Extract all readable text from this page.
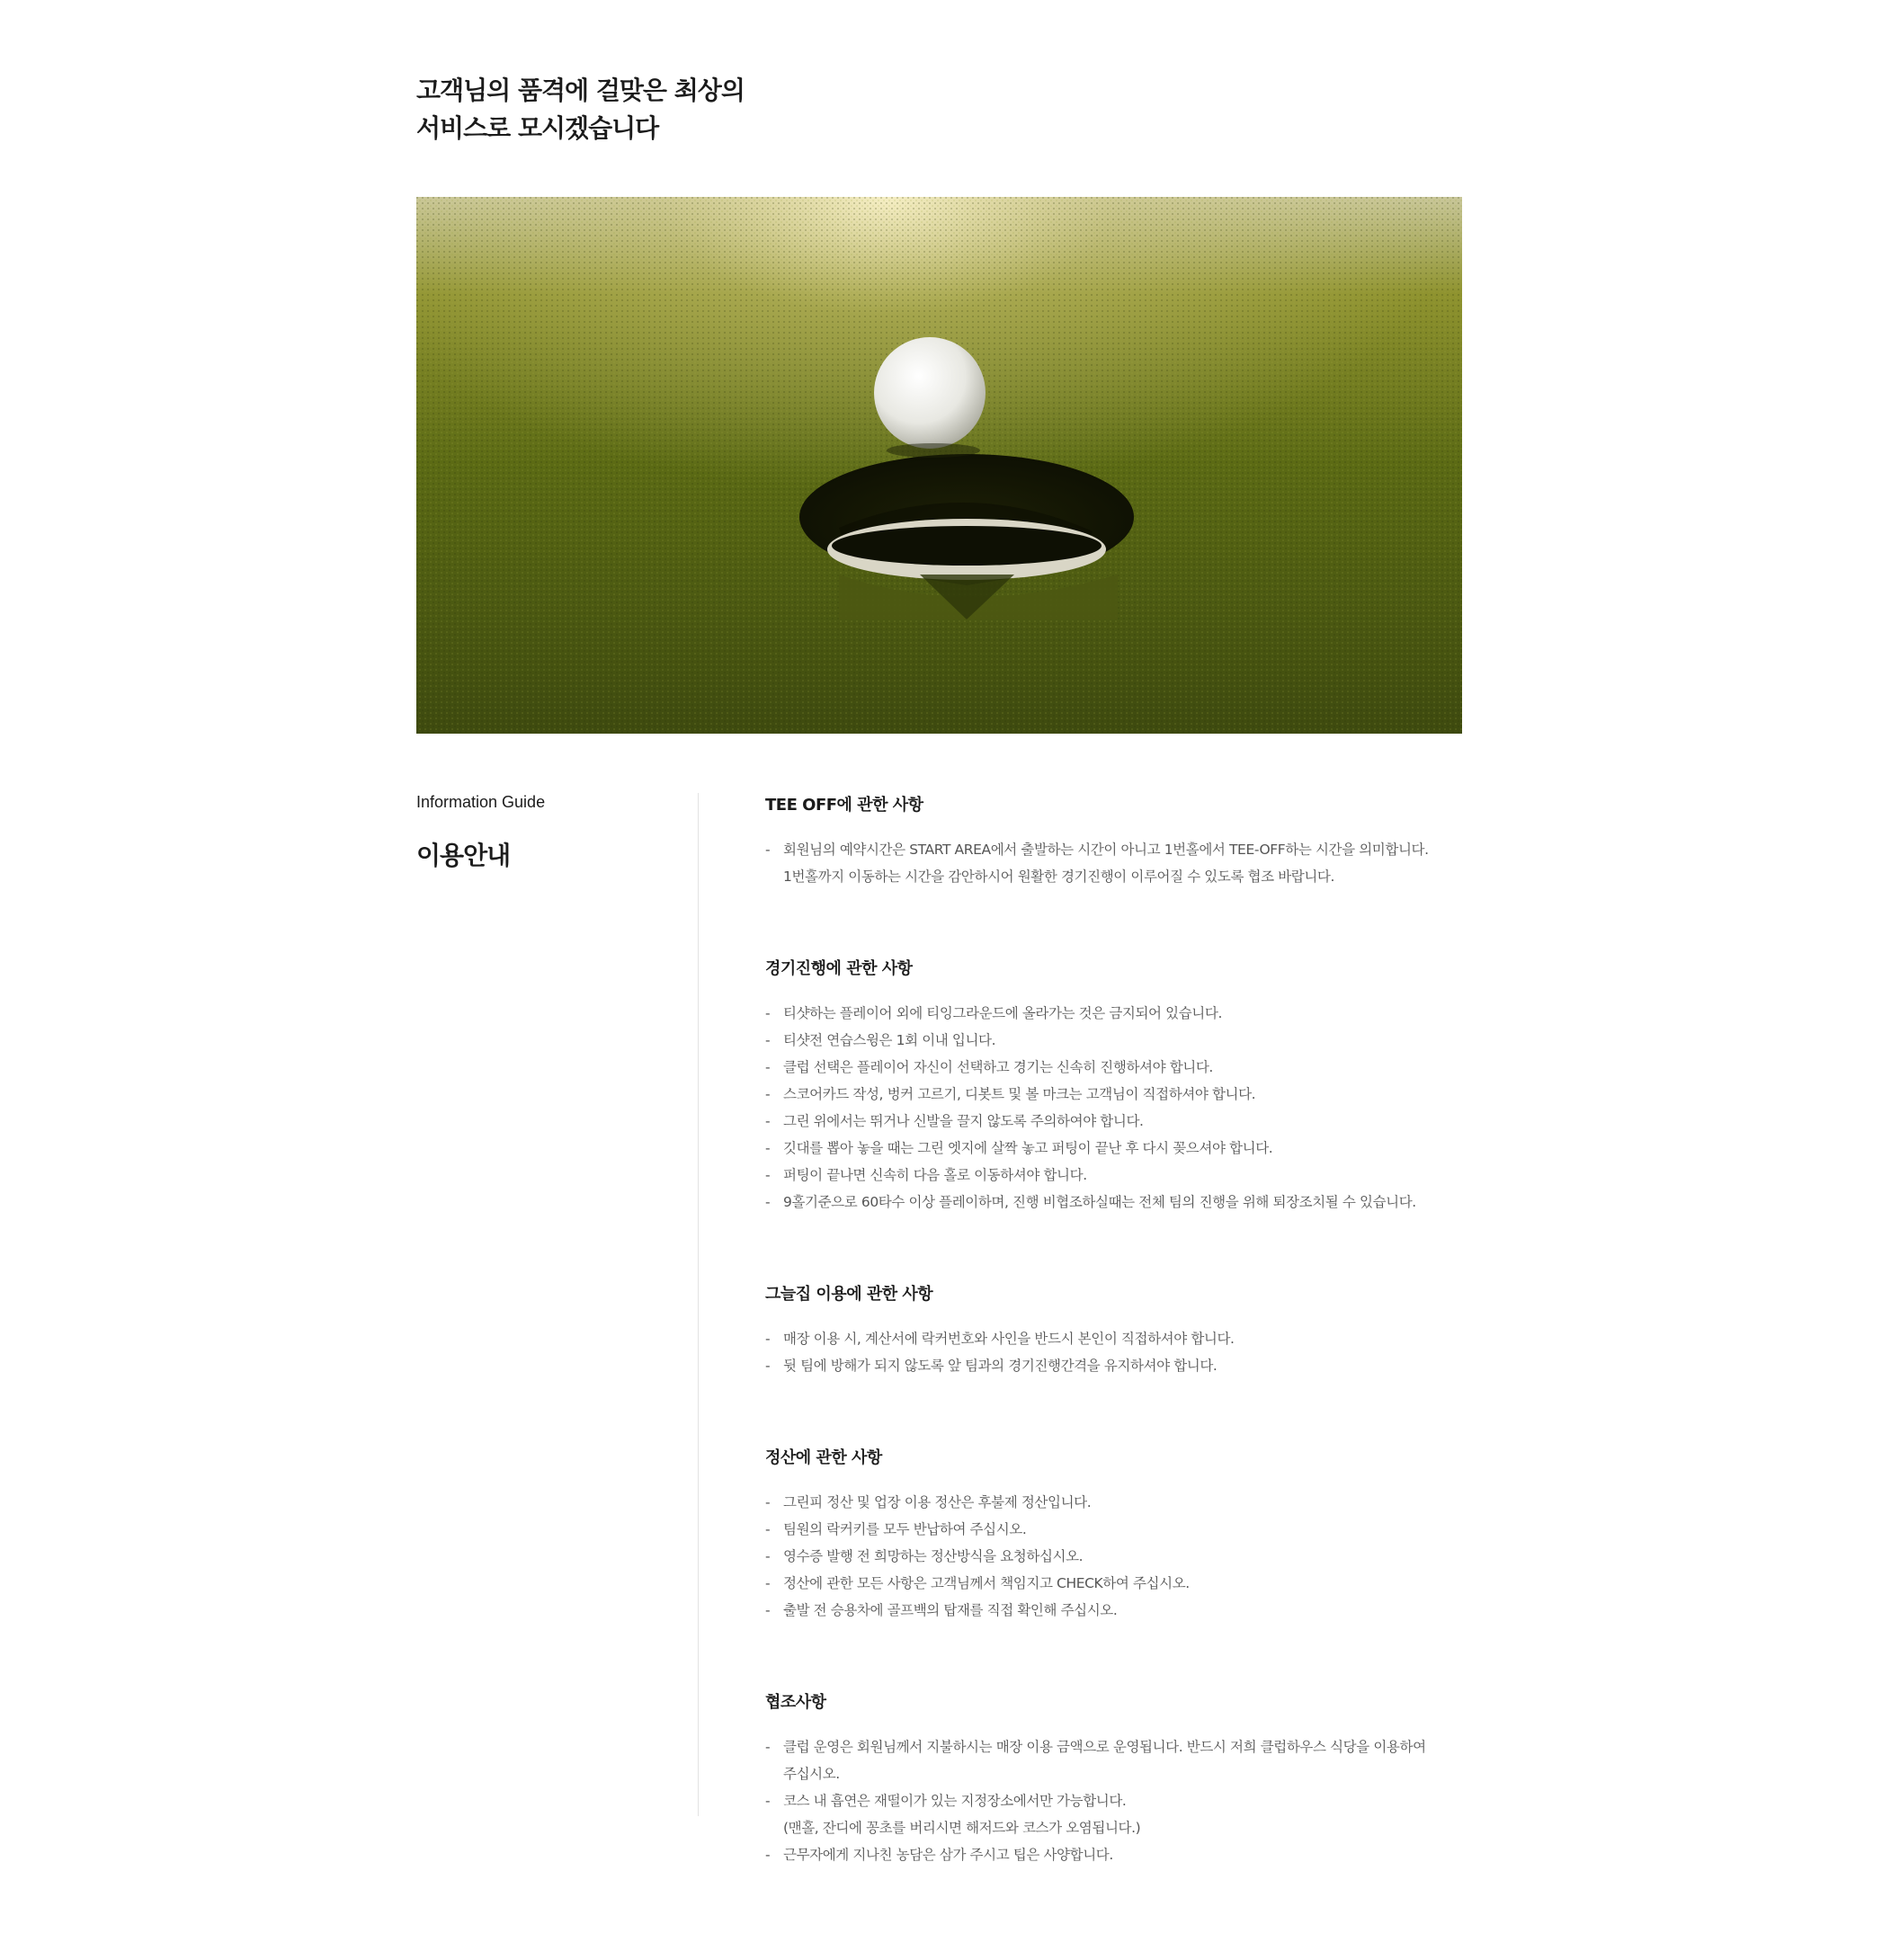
고객님의 품격에 걸맞은 최상의
서비스로 모시겠습니다
Information Guide
이용안내
TEE OFF에 관한 사항
- 회원님의 예약시간은 START AREA에서 출발하는 시간이 아니고 1번홀에서 TEE-OFF하는 시간을 의미합니다.
1번홀까지 이동하는 시간을 감안하시어 원활한 경기진행이 이루어질 수 있도록 협조 바랍니다.
경기진행에 관한 사항
- 티샷하는 플레이어 외에 티잉그라운드에 올라가는 것은 금지되어 있습니다.
- 티샷전 연습스윙은 1회 이내 입니다.
- 클럽 선택은 플레이어 자신이 선택하고 경기는 신속히 진행하셔야 합니다.
- 스코어카드 작성, 벙커 고르기, 디봇트 및 볼 마크는 고객님이 직접하셔야 합니다.
- 그린 위에서는 뛰거나 신발을 끌지 않도록 주의하여야 합니다.
- 깃대를 뽑아 놓을 때는 그린 엣지에 살짝 놓고 퍼팅이 끝난 후 다시 꽂으셔야 합니다.
- 퍼팅이 끝나면 신속히 다음 홀로 이동하셔야 합니다.
- 9홀기준으로 60타수 이상 플레이하며, 진행 비협조하실때는 전체 팀의 진행을 위해 퇴장조치될 수 있습니다.
그늘집 이용에 관한 사항
- 매장 이용 시, 계산서에 락커번호와 사인을 반드시 본인이 직접하셔야 합니다.
- 뒷 팀에 방해가 되지 않도록 앞 팀과의 경기진행간격을 유지하셔야 합니다.
정산에 관한 사항
- 그린피 정산 및 업장 이용 정산은 후불제 정산입니다.
- 팀원의 락커키를 모두 반납하여 주십시오.
- 영수증 발행 전 희망하는 정산방식을 요청하십시오.
- 정산에 관한 모든 사항은 고객님께서 책임지고 CHECK하여 주십시오.
- 출발 전 승용차에 골프백의 탑재를 직접 확인해 주십시오.
협조사항
- 클럽 운영은 회원님께서 지불하시는 매장 이용 금액으로 운영됩니다. 반드시 저희 클럽하우스 식당을 이용하여
주십시오.
- 코스 내 흡연은 재떨이가 있는 지정장소에서만 가능합니다.
(맨홀, 잔디에 꽁초를 버리시면 해저드와 코스가 오염됩니다.)
- 근무자에게 지나친 농담은 삼가 주시고 팁은 사양합니다.
